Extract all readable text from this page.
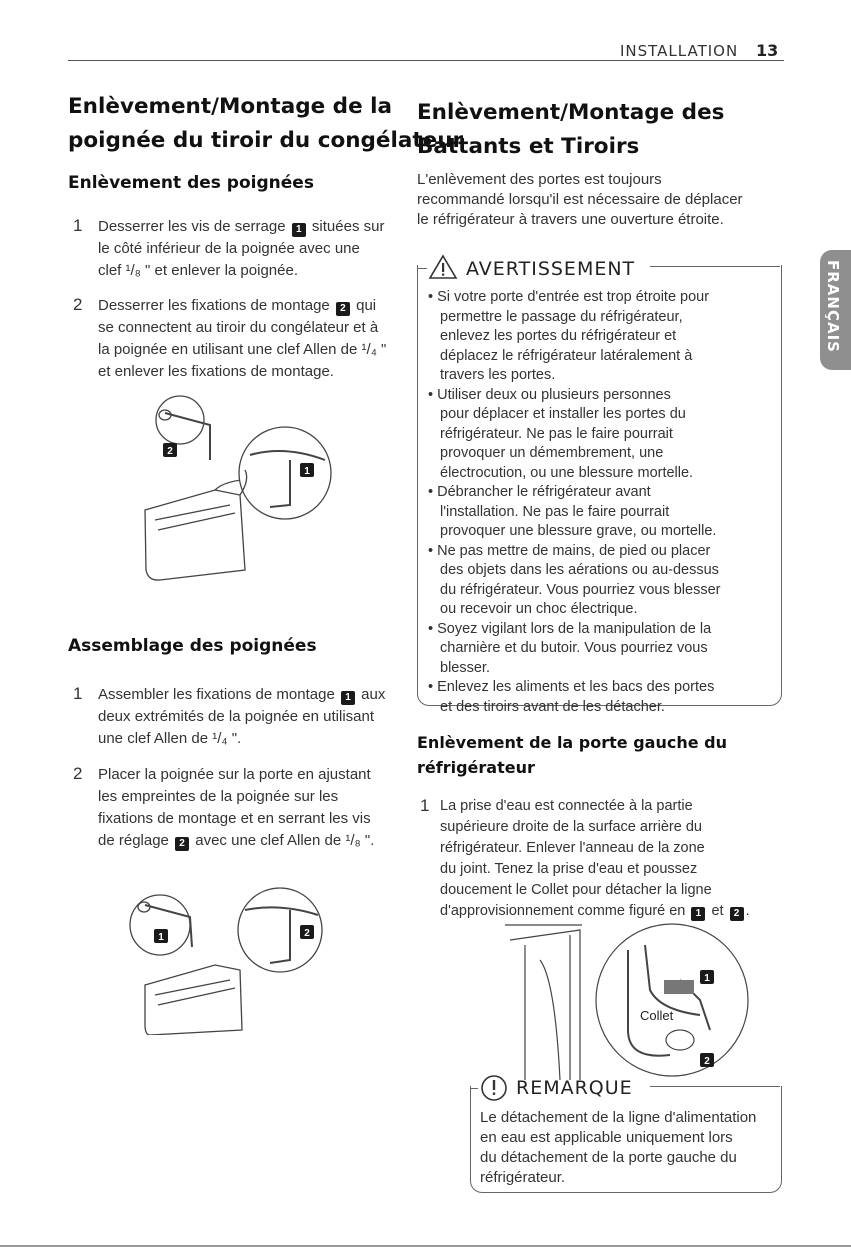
INSTALLATION 13
FRANÇAIS
Enlèvement/Montage de la
poignée du tiroir du congélateur
Enlèvement des poignées
1 Desserrer les vis de serrage 1 situées sur
le côté inférieur de la poignée avec une
clef ¹/₈ " et enlever la poignée.
2 Desserrer les fixations de montage 2 qui
se connectent au tiroir du congélateur et à
la poignée en utilisant une clef Allen de ¹/₄ "
et enlever les fixations de montage.
2
1
Assemblage des poignées
1 Assembler les fixations de montage 1 aux
deux extrémités de la poignée en utilisant
une clef Allen de ¹/₄ ".
2 Placer la poignée sur la porte en ajustant
les empreintes de la poignée sur les
fixations de montage et en serrant les vis
de réglage 2 avec une clef Allen de ¹/₈ ".
1	2
Enlèvement/Montage des
Battants et Tiroirs
L'enlèvement des portes est toujours
recommandé lorsqu'il est nécessaire de déplacer
le réfrigérateur à travers une ouverture étroite.
AVERTISSEMENT
• Si votre porte d'entrée est trop étroite pour
permettre le passage du réfrigérateur,
enlevez les portes du réfrigérateur et
déplacez le réfrigérateur latéralement à
travers les portes.
• Utiliser deux ou plusieurs personnes
pour déplacer et installer les portes du
réfrigérateur. Ne pas le faire pourrait
provoquer un démembrement, une
électrocution, ou une blessure mortelle.
• Débrancher le réfrigérateur avant
l'installation. Ne pas le faire pourrait
provoquer une blessure grave, ou mortelle.
• Ne pas mettre de mains, de pied ou placer
des objets dans les aérations ou au-dessus
du réfrigérateur. Vous pourriez vous blesser
ou recevoir un choc électrique.
• Soyez vigilant lors de la manipulation de la
charnière et du butoir. Vous pourriez vous
blesser.
• Enlevez les aliments et les bacs des portes
et des tiroirs avant de les détacher.
Enlèvement de la porte gauche du
réfrigérateur
1 La prise d'eau est connectée à la partie
supérieure droite de la surface arrière du
réfrigérateur. Enlever l'anneau de la zone
du joint. Tenez la prise d'eau et poussez
doucement le Collet pour détacher la ligne
d'approvisionnement comme figuré en 1 et 2 .
1
2
Collet
REMARQUE
Le détachement de la ligne d'alimentation
en eau est applicable uniquement lors
du détachement de la porte gauche du
réfrigérateur.
